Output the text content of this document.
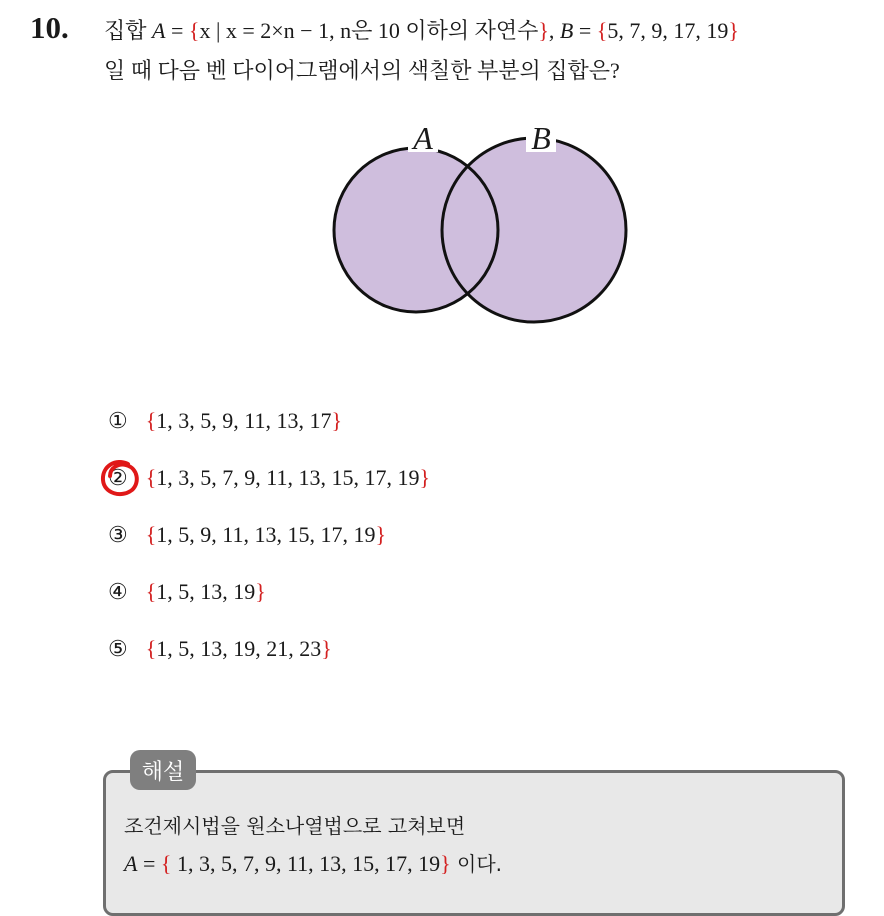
10. 집합 A = {x | x = 2×n − 1, n은 10 이하의 자연수}, B = {5, 7, 9, 17, 19}
일 때 다음 벤 다이어그램에서의 색칠한 부분의 집합은?
A	B
① {1, 3, 5, 9, 11, 13, 17}
② {1, 3, 5, 7, 9, 11, 13, 15, 17, 19}
③ {1, 5, 9, 11, 13, 15, 17, 19}
④ {1, 5, 13, 19}
⑤ {1, 5, 13, 19, 21, 23}
해설
조건제시법을 원소나열법으로 고쳐보면
A = { 1, 3, 5, 7, 9, 11, 13, 15, 17, 19} 이다.
